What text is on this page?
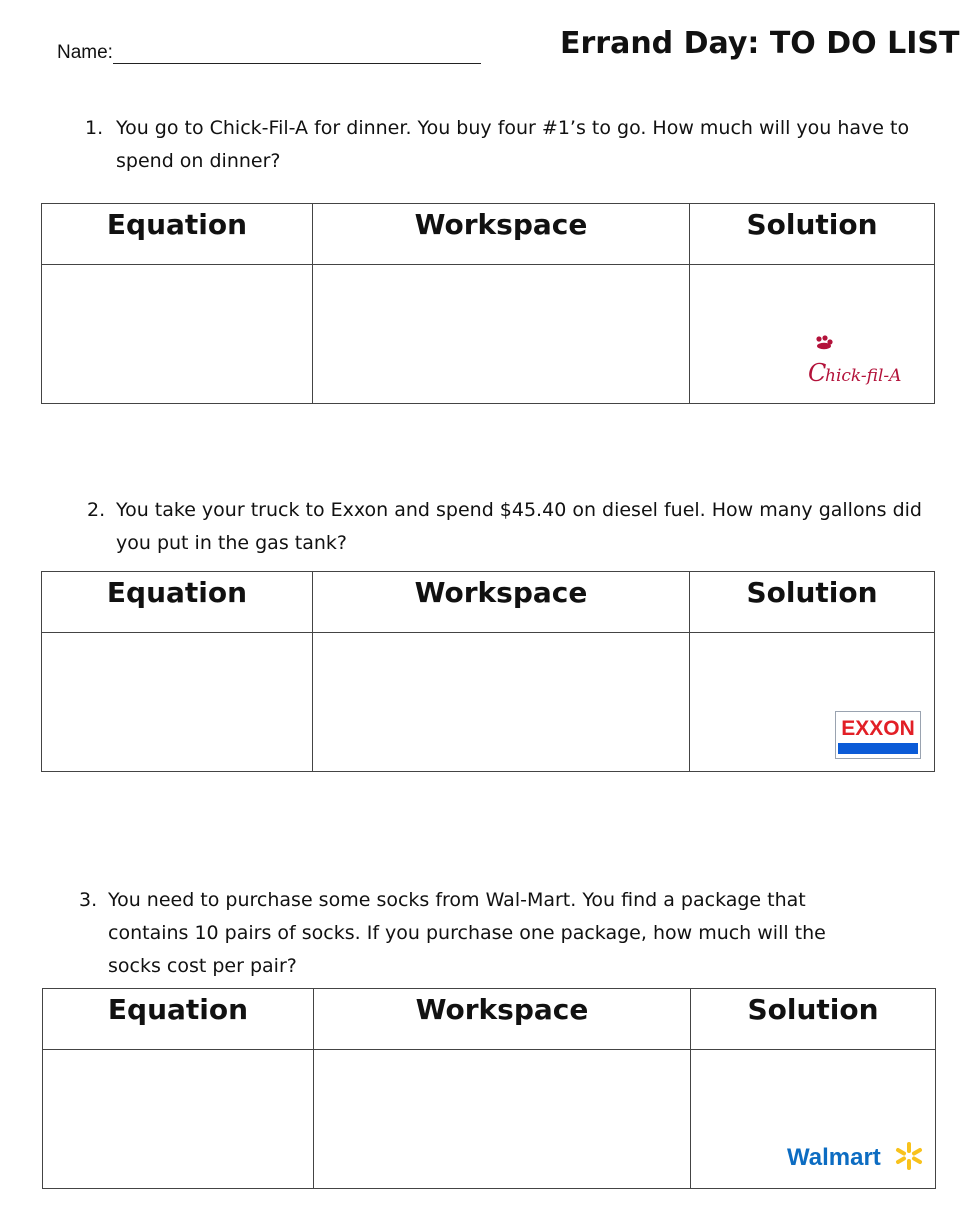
Name:	Errand Day: TO DO LIST
1. You go to Chick-Fil-A for dinner. You buy four #1’s to go. How much will you have to spend on dinner?
Equation	Workspace	Solution

C
hick-fil-A
2. You take your truck to Exxon and spend $45.40 on diesel fuel. How many gallons did you put in the gas tank?
Equation	Workspace	Solution

EXXON
3. You need to purchase some socks from Wal-Mart. You find a package that contains 10 pairs of socks. If you purchase one package, how much will the socks cost per pair?
Equation	Workspace	Solution

Walmart
